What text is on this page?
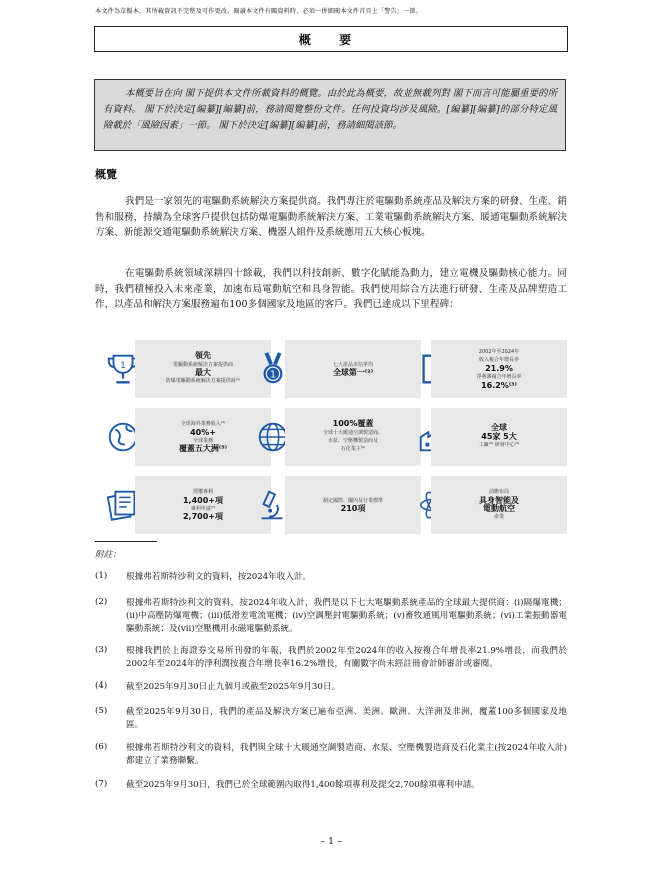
本文件為草擬本，其所載資訊不完整及可作更改。閱讀本文件有關資料時，必須一併細閱本文件首頁上「警告」一節。
概 要

本概要旨在向 閣下提供本文件所載資料的概覽。由於此為概要，故並無載列對 閣下而言可能屬重要的所有資料。 閣下於決定[編纂][編纂]前，務請閱覽整份文件。任何投資均涉及風險。[編纂][編纂]的部分特定風險載於「風險因素」一節。 閣下於決定[編纂][編纂]前，務請細閱該節。

概覽

我們是一家領先的電驅動系統解決方案提供商。我們專注於電驅動系統產品及解決方案的研發、生產、銷售和服務，持續為全球客戶提供包括防爆電驅動系統解決方案、工業電驅動系統解決方案、暖通電驅動系統解決方案、新能源交通電驅動系統解決方案、機器人組件及系統應用五大核心板塊。

在電驅動系統領域深耕四十餘載，我們以科技創新、數字化賦能為動力，建立電機及驅動核心能力。同時，我們積極投入未來產業，加速布局電動航空和具身智能。我們使用綜合方法進行研發、生產及品牌塑造工作，以產品和解決方案服務遍布100多個國家及地區的客戶。我們已達成以下里程碑：

1
領先
電驅動系統解決方案提供商
最大
防爆電驅動系統解決方案提供商⁽¹⁾
1
七大產品市佔率均
全球第一⁽²⁾
2002年至2024年
收入複合年增長率
21.9%
淨利潤複合年增長率
16.2%⁽³⁾
全球海外業務收入⁽⁴⁾
40%+
全球業務
覆蓋五大洲⁽⁵⁾
100%覆蓋
全球十大暖通空調製造商、
水泵、空壓機製造商及
石化業主⁽⁶⁾
全球
45家 5大
工廠⁽⁴⁾ 研發中心⁽⁴⁾
授權專利
1,400+項
專利申請⁽⁷⁾
2,700+項
制定國際、國內及行業標準
210項
前瞻布局
具身智能及
電動航空
產業
附註：
(1) 根據弗若斯特沙利文的資料，按2024年收入計。

(2) 根據弗若斯特沙利文的資料，按2024年收入計，我們是以下七大電驅動系統產品的全球最大提供商：(i)隔爆電機；(ii)中高壓防爆電機；(iii)低滑差電流電機；(iv)空調壓封電驅動系統；(v)畜牧通風用電驅動系統；(vi)工業振動器電驅動系統；及(vii)空壓機用永磁電驅動系統。

(3) 根據我們於上海證券交易所刊發的年報，我們於2002年至2024年的收入按複合年增長率21.9%增長，而我們於2002年至2024年的淨利潤按複合年增長率16.2%增長，有關數字尚未經註冊會計師審計或審閱。

(4) 截至2025年9月30日止九個月或截至2025年9月30日。

(5) 截至2025年9月30日，我們的產品及解決方案已遍布亞洲、美洲、歐洲、大洋洲及非洲，覆蓋100多個國家及地區。

(6) 根據弗若斯特沙利文的資料，我們與全球十大暖通空調製造商、水泵、空壓機製造商及石化業主(按2024年收入計)都建立了業務聯繫。

(7) 截至2025年9月30日，我們已於全球範圍內取得1,400餘項專利及提交2,700餘項專利申請。

– 1 –
